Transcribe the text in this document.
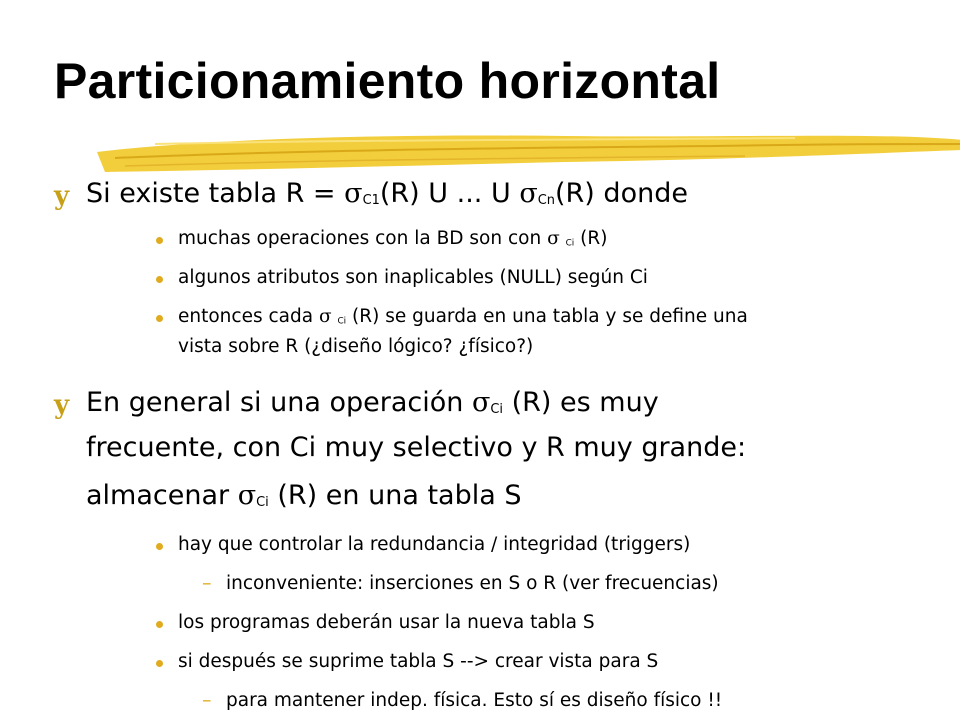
Particionamiento horizontal
y Si existe tabla $R = \sigma_{C1}(R)$ U ... U $\sigma_{Cn}(R)$ donde
muchas operaciones con la BD son con σ $_{Ci}$ (R)
algunos atributos son inaplicables (NULL) según Ci
entonces cada σ $_{Ci}$ (R) se guarda en una tabla y se define una
vista sobre R (¿diseño lógico? ¿físico?)
y En general si una operación $\sigma_{Ci}$ (R) es muy
frecuente, con Ci muy selectivo y R muy grande:
almacenar $\sigma_{Ci}$ (R) en una tabla S
hay que controlar la redundancia / integridad (triggers)
– inconveniente: inserciones en S o R (ver frecuencias)
los programas deberán usar la nueva tabla S
si después se suprime tabla S --> crear vista para S
– para mantener indep. física. Esto sí es diseño físico !!
